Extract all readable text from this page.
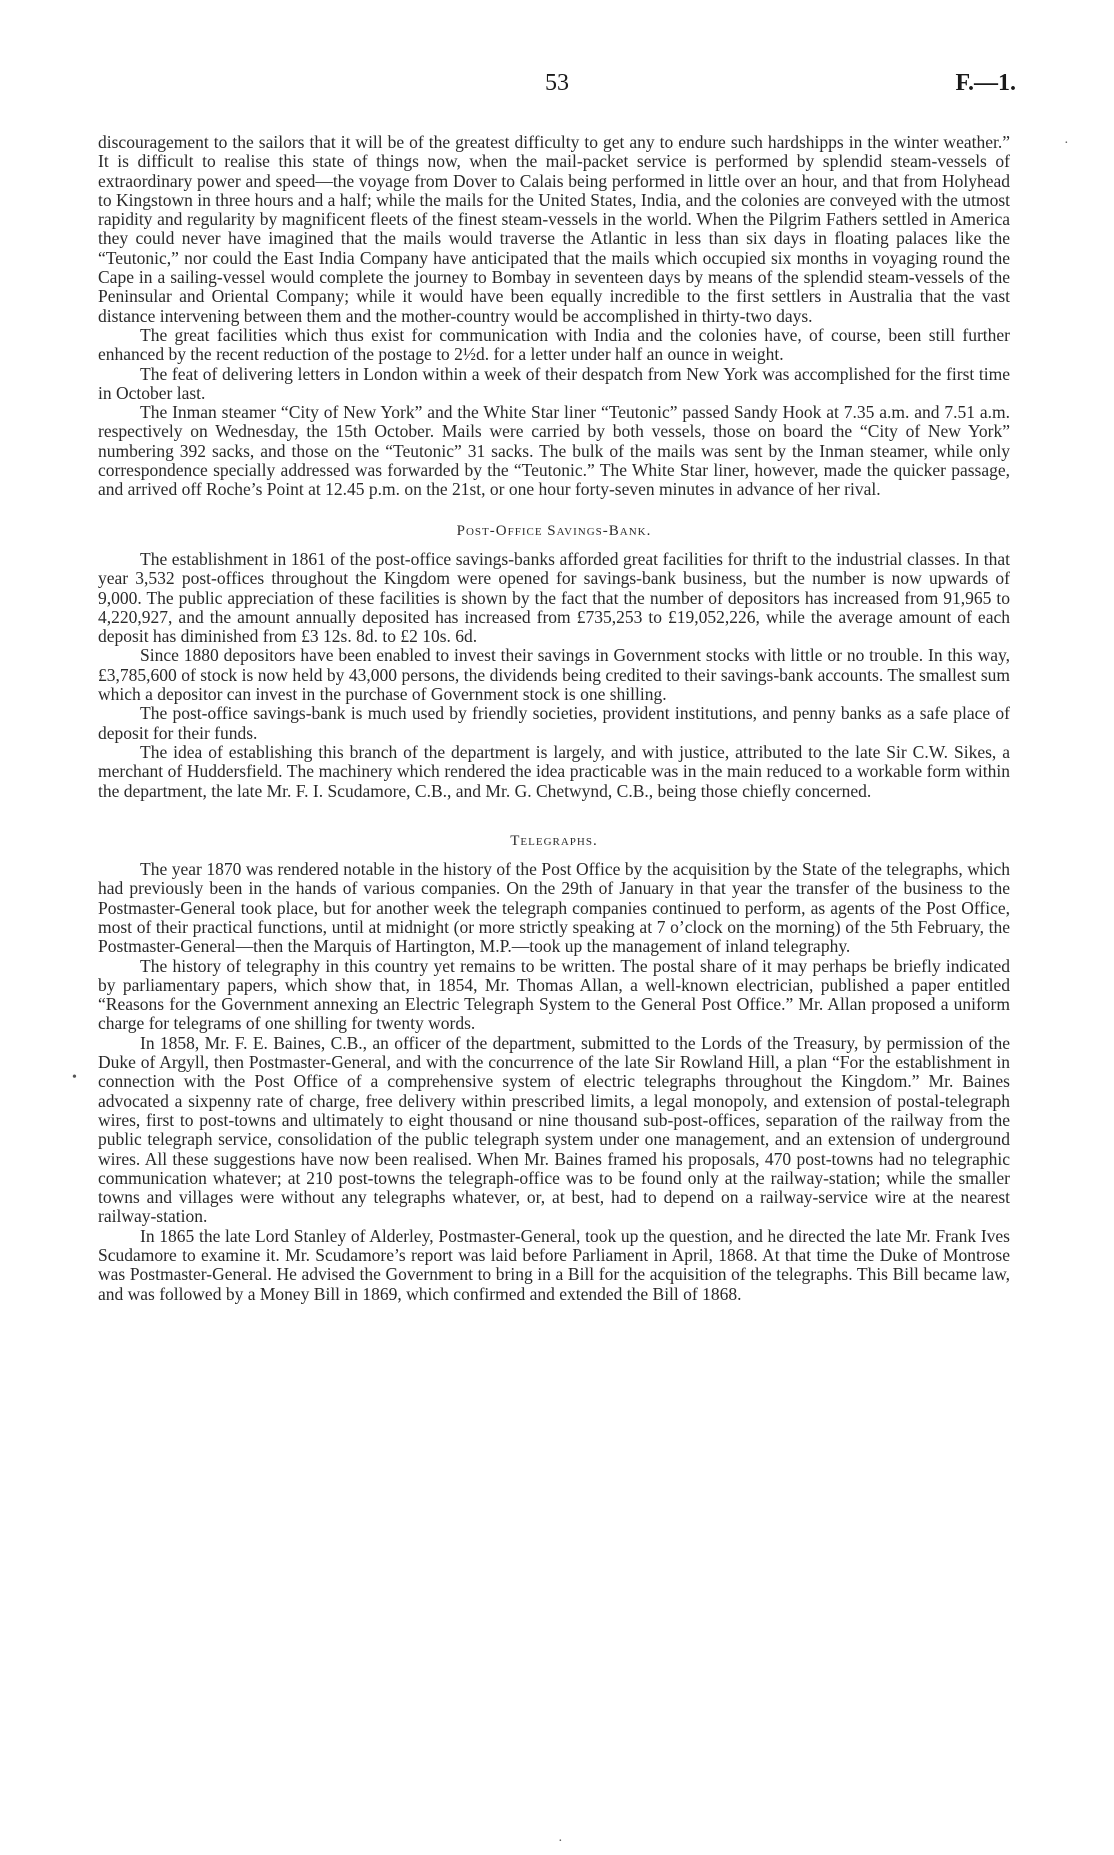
53	F.—1.

discouragement to the sailors that it will be of the greatest difficulty to get any to endure such hardshipps in the winter weather.” It is difficult to realise this state of things now, when the mail-packet service is performed by splendid steam-vessels of extraordinary power and speed—the voyage from Dover to Calais being performed in little over an hour, and that from Holyhead to Kingstown in three hours and a half; while the mails for the United States, India, and the colonies are conveyed with the utmost rapidity and regularity by magnificent fleets of the finest steam-vessels in the world. When the Pilgrim Fathers settled in America they could never have imagined that the mails would traverse the Atlantic in less than six days in floating palaces like the “Teutonic,” nor could the East India Company have anticipated that the mails which occupied six months in voyaging round the Cape in a sailing-vessel would complete the journey to Bombay in seventeen days by means of the splendid steam-vessels of the Peninsular and Oriental Company; while it would have been equally incredible to the first settlers in Australia that the vast distance intervening between them and the mother-country would be accomplished in thirty-two days.

The great facilities which thus exist for communication with India and the colonies have, of course, been still further enhanced by the recent reduction of the postage to 2½d. for a letter under half an ounce in weight.

The feat of delivering letters in London within a week of their despatch from New York was accomplished for the first time in October last.

The Inman steamer “City of New York” and the White Star liner “Teutonic” passed Sandy Hook at 7.35 a.m. and 7.51 a.m. respectively on Wednesday, the 15th October. Mails were carried by both vessels, those on board the “City of New York” numbering 392 sacks, and those on the “Teutonic” 31 sacks. The bulk of the mails was sent by the Inman steamer, while only correspondence specially addressed was forwarded by the “Teutonic.” The White Star liner, however, made the quicker passage, and arrived off Roche’s Point at 12.45 p.m. on the 21st, or one hour forty-seven minutes in advance of her rival.

Post-Office Savings-Bank.

The establishment in 1861 of the post-office savings-banks afforded great facilities for thrift to the industrial classes. In that year 3,532 post-offices throughout the Kingdom were opened for savings-bank business, but the number is now upwards of 9,000. The public appreciation of these facilities is shown by the fact that the number of depositors has increased from 91,965 to 4,220,927, and the amount annually deposited has increased from £735,253 to £19,052,226, while the average amount of each deposit has diminished from £3 12s. 8d. to £2 10s. 6d.

Since 1880 depositors have been enabled to invest their savings in Government stocks with little or no trouble. In this way, £3,785,600 of stock is now held by 43,000 persons, the dividends being credited to their savings-bank accounts. The smallest sum which a depositor can invest in the purchase of Government stock is one shilling.

The post-office savings-bank is much used by friendly societies, provident institutions, and penny banks as a safe place of deposit for their funds.

The idea of establishing this branch of the department is largely, and with justice, attributed to the late Sir C.W. Sikes, a merchant of Huddersfield. The machinery which rendered the idea practicable was in the main reduced to a workable form within the department, the late Mr. F. I. Scudamore, C.B., and Mr. G. Chetwynd, C.B., being those chiefly concerned.

Telegraphs.

The year 1870 was rendered notable in the history of the Post Office by the acquisition by the State of the telegraphs, which had previously been in the hands of various companies. On the 29th of January in that year the transfer of the business to the Postmaster-General took place, but for another week the telegraph companies continued to perform, as agents of the Post Office, most of their practical functions, until at midnight (or more strictly speaking at 7 o’clock on the morning) of the 5th February, the Postmaster-General—then the Marquis of Hartington, M.P.—took up the management of inland telegraphy.

The history of telegraphy in this country yet remains to be written. The postal share of it may perhaps be briefly indicated by parliamentary papers, which show that, in 1854, Mr. Thomas Allan, a well-known electrician, published a paper entitled “Reasons for the Government annexing an Electric Telegraph System to the General Post Office.” Mr. Allan proposed a uniform charge for telegrams of one shilling for twenty words.

In 1858, Mr. F. E. Baines, C.B., an officer of the department, submitted to the Lords of the Treasury, by permission of the Duke of Argyll, then Postmaster-General, and with the concurrence of the late Sir Rowland Hill, a plan “For the establishment in connection with the Post Office of a comprehensive system of electric telegraphs throughout the Kingdom.” Mr. Baines advocated a sixpenny rate of charge, free delivery within prescribed limits, a legal monopoly, and extension of postal-telegraph wires, first to post-towns and ultimately to eight thousand or nine thousand sub-post-offices, separation of the railway from the public telegraph service, consolidation of the public telegraph system under one management, and an extension of underground wires. All these suggestions have now been realised. When Mr. Baines framed his proposals, 470 post-towns had no telegraphic communication whatever; at 210 post-towns the telegraph-office was to be found only at the railway-station; while the smaller towns and villages were without any telegraphs whatever, or, at best, had to depend on a railway-service wire at the nearest railway-station.

In 1865 the late Lord Stanley of Alderley, Postmaster-General, took up the question, and he directed the late Mr. Frank Ives Scudamore to examine it. Mr. Scudamore’s report was laid before Parliament in April, 1868. At that time the Duke of Montrose was Postmaster-General. He advised the Government to bring in a Bill for the acquisition of the telegraphs. This Bill became law, and was followed by a Money Bill in 1869, which confirmed and extended the Bill of 1868.

•
·
·
